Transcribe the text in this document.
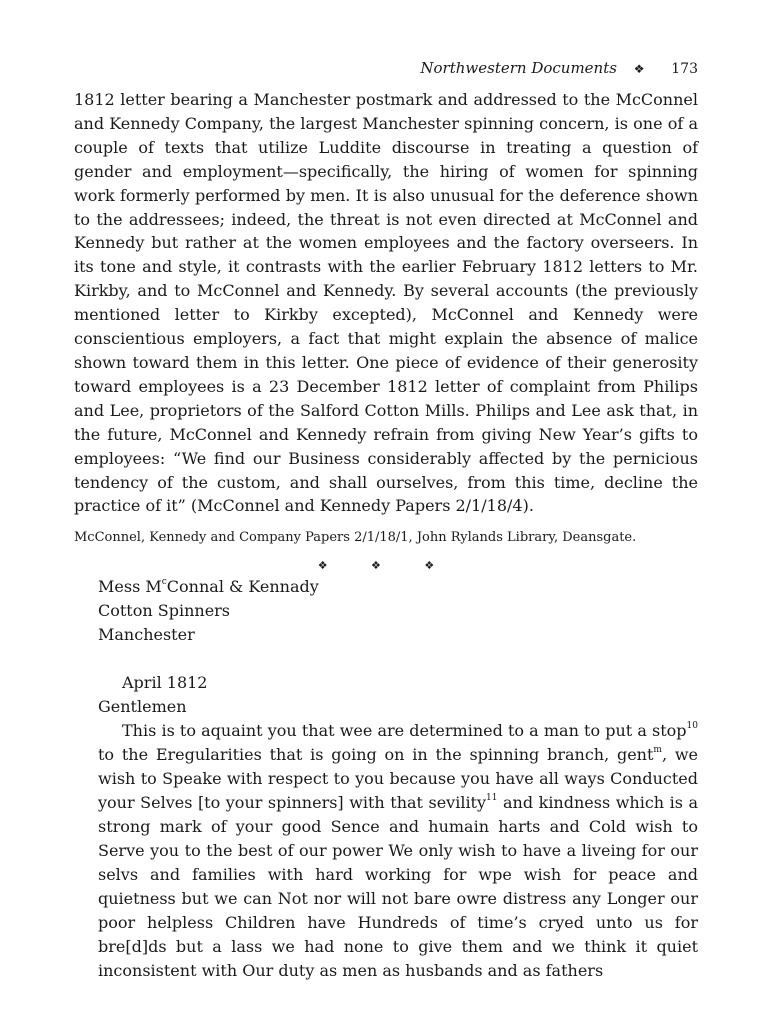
Northwestern Documents ❖ 173

1812 letter bearing a Manchester postmark and addressed to the McConnel and Kennedy Company, the largest Manchester spinning concern, is one of a couple of texts that utilize Luddite discourse in treating a question of gender and employment—specifically, the hiring of women for spinning work formerly performed by men. It is also unusual for the deference shown to the addressees; indeed, the threat is not even directed at McConnel and Kennedy but rather at the women employees and the factory overseers. In its tone and style, it contrasts with the earlier February 1812 letters to Mr. Kirkby, and to McConnel and Kennedy. By several accounts (the previously mentioned letter to Kirkby excepted), McConnel and Kennedy were conscientious employers, a fact that might explain the absence of malice shown toward them in this letter. One piece of evidence of their generosity toward employees is a 23 December 1812 letter of complaint from Philips and Lee, proprietors of the Salford Cotton Mills. Philips and Lee ask that, in the future, McConnel and Kennedy refrain from giving New Year’s gifts to employees: “We find our Business considerably affected by the pernicious tendency of the custom, and shall ourselves, from this time, decline the practice of it” (McConnel and Kennedy Papers 2/1/18/4).

McConnel, Kennedy and Company Papers 2/1/18/1, John Rylands Library, Deansgate.

❖ ❖ ❖
Mess $M^cConnal$ & Kennady
Cotton Spinners
Manchester
April 1812
Gentlemen

This is to aquaint you that wee are determined to a man to put a stop$^{10}$ to the Eregularities that is going on in the spinning branch, gent$^m$, we wish to Speake with respect to you because you have all ways Conducted your Selves [to your spinners] with that sevility$^{11}$ and kindness which is a strong mark of your good Sence and humain harts and Cold wish to Serve you to the best of our power We only wish to have a liveing for our selvs and families with hard working for wpe wish for peace and quietness but we can Not nor will not bare owre distress any Longer our poor helpless Children have Hundreds of time’s cryed unto us for bre[d]ds but a lass we had none to give them and we think it quiet inconsistent with Our duty as men as husbands and as fathers
